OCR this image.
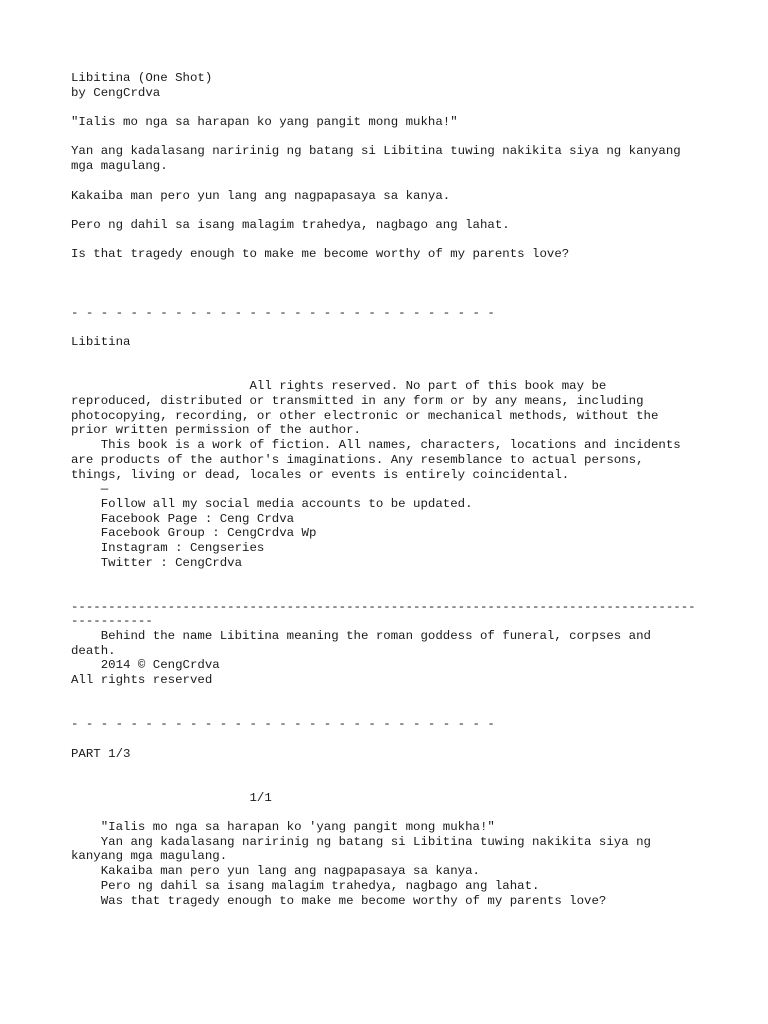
Libitina (One Shot)
by CengCrdva
"Ialis mo nga sa harapan ko yang pangit mong mukha!"
Yan ang kadalasang naririnig ng batang si Libitina tuwing nakikita siya ng kanyang
mga magulang.
Kakaiba man pero yun lang ang nagpapasaya sa kanya.
Pero ng dahil sa isang malagim trahedya, nagbago ang lahat.
Is that tragedy enough to make me become worthy of my parents love?
- - - - - - - - - - - - - - - - - - - - - - - - - - - - -
Libitina
All rights reserved. No part of this book may be
reproduced, distributed or transmitted in any form or by any means, including
photocopying, recording, or other electronic or mechanical methods, without the
prior written permission of the author.
This book is a work of fiction. All names, characters, locations and incidents
are products of the author's imaginations. Any resemblance to actual persons,
things, living or dead, locales or events is entirely coincidental.
—
Follow all my social media accounts to be updated.
Facebook Page : Ceng Crdva
Facebook Group : CengCrdva Wp
Instagram : Cengseries
Twitter : CengCrdva
------------------------------------------------------------------------------------
-----------
Behind the name Libitina meaning the roman goddess of funeral, corpses and
death.
2014 © CengCrdva
All rights reserved
- - - - - - - - - - - - - - - - - - - - - - - - - - - - -
PART 1/3
1/1
"Ialis mo nga sa harapan ko 'yang pangit mong mukha!"
Yan ang kadalasang naririnig ng batang si Libitina tuwing nakikita siya ng
kanyang mga magulang.
Kakaiba man pero yun lang ang nagpapasaya sa kanya.
Pero ng dahil sa isang malagim trahedya, nagbago ang lahat.
Was that tragedy enough to make me become worthy of my parents love?
